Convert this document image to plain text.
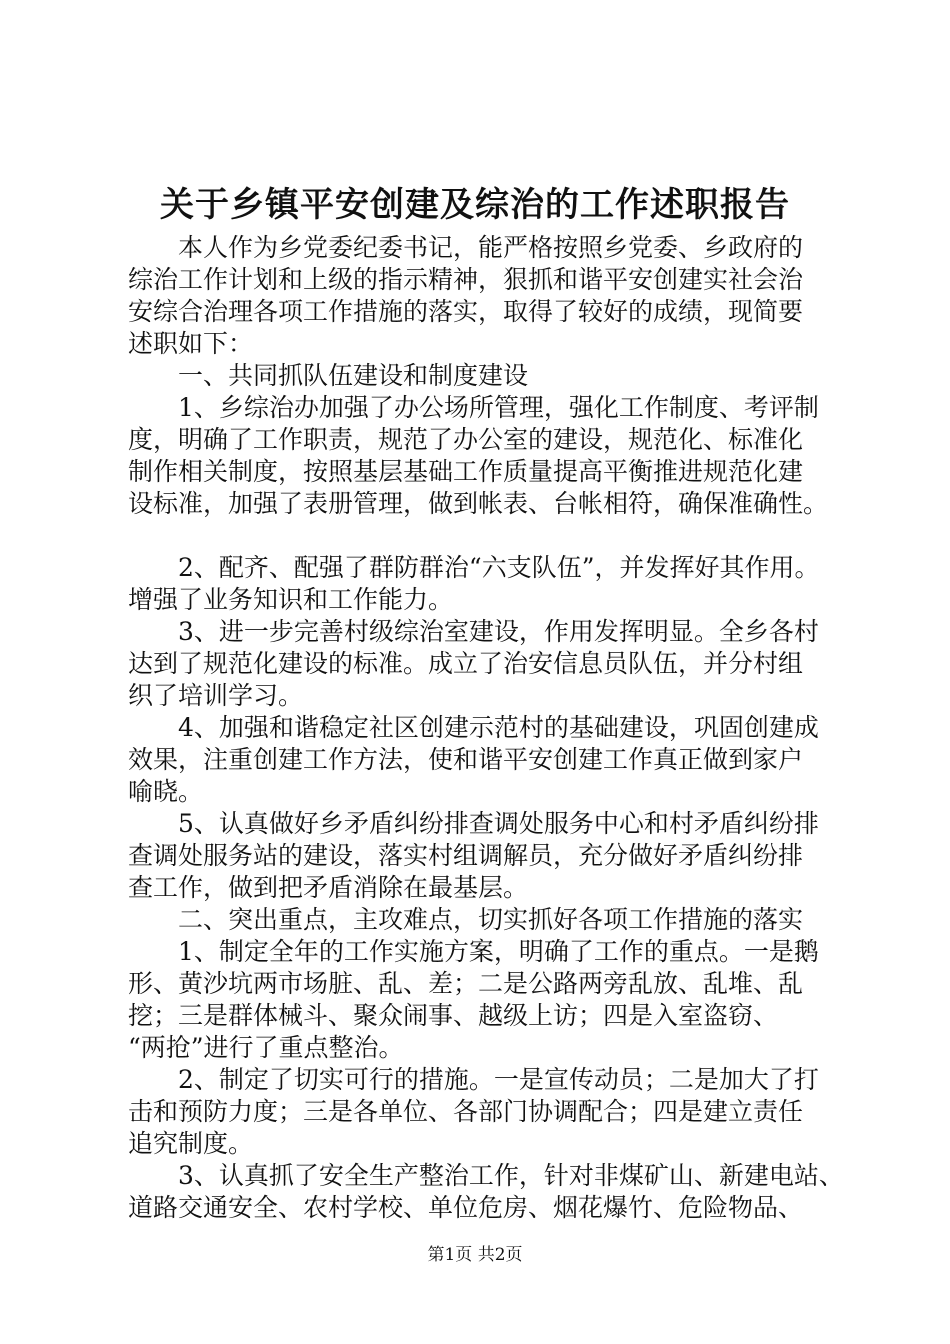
关于乡镇平安创建及综治的工作述职报告
　　本人作为乡党委纪委书记，能严格按照乡党委、乡政府的
综治工作计划和上级的指示精神，狠抓和谐平安创建实社会治
安综合治理各项工作措施的落实，取得了较好的成绩，现简要
述职如下：
　　一、共同抓队伍建设和制度建设
　　1、乡综治办加强了办公场所管理，强化工作制度、考评制
度，明确了工作职责，规范了办公室的建设，规范化、标准化
制作相关制度，按照基层基础工作质量提高平衡推进规范化建
设标准，加强了表册管理，做到帐表、台帐相符，确保准确性。
　　2、配齐、配强了群防群治“六支队伍”，并发挥好其作用。
增强了业务知识和工作能力。
　　3、进一步完善村级综治室建设，作用发挥明显。全乡各村
达到了规范化建设的标准。成立了治安信息员队伍，并分村组
织了培训学习。
　　4、加强和谐稳定社区创建示范村的基础建设，巩固创建成
效果，注重创建工作方法，使和谐平安创建工作真正做到家户
喻晓。
　　5、认真做好乡矛盾纠纷排查调处服务中心和村矛盾纠纷排
查调处服务站的建设，落实村组调解员，充分做好矛盾纠纷排
查工作，做到把矛盾消除在最基层。
　　二、突出重点，主攻难点，切实抓好各项工作措施的落实
　　1、制定全年的工作实施方案，明确了工作的重点。一是鹅
形、黄沙坑两市场脏、乱、差；二是公路两旁乱放、乱堆、乱
挖；三是群体械斗、聚众闹事、越级上访；四是入室盗窃、
“两抢”进行了重点整治。
　　2、制定了切实可行的措施。一是宣传动员；二是加大了打
击和预防力度；三是各单位、各部门协调配合；四是建立责任
追究制度。
　　3、认真抓了安全生产整治工作，针对非煤矿山、新建电站、
道路交通安全、农村学校、单位危房、烟花爆竹、危险物品、
第1页 共2页
